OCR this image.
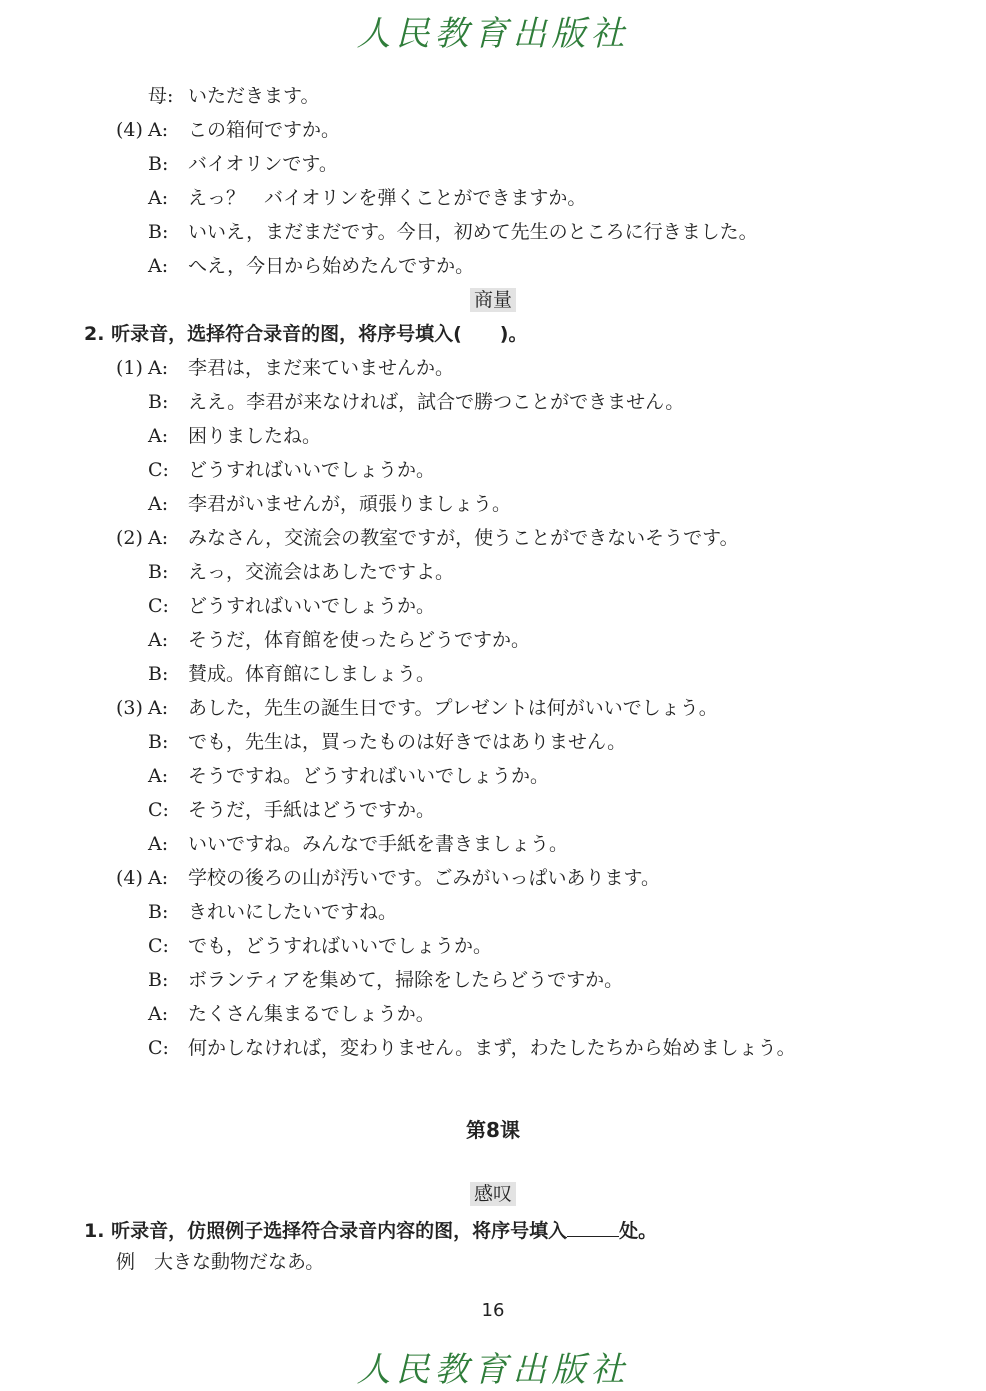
人民教育出版社
母: いただきます。
(4) A: この箱何ですか。
B: バイオリンです。
A: えっ？　バイオリンを弾くことができますか。
B: いいえ，まだまだです。今日，初めて先生のところに行きました。
A: へえ，今日から始めたんですか。
商量
2. 听录音，选择符合录音的图，将序号填入(　　)。
(1) A: 李君は，まだ来ていませんか。
B: ええ。李君が来なければ，試合で勝つことができません。
A: 困りましたね。
C: どうすればいいでしょうか。
A: 李君がいませんが，頑張りましょう。
(2) A: みなさん，交流会の教室ですが，使うことができないそうです。
B: えっ，交流会はあしたですよ。
C: どうすればいいでしょうか。
A: そうだ，体育館を使ったらどうですか。
B: 賛成。体育館にしましょう。
(3) A: あした，先生の誕生日です。プレゼントは何がいいでしょう。
B: でも，先生は，買ったものは好きではありません。
A: そうですね。どうすればいいでしょうか。
C: そうだ，手紙はどうですか。
A: いいですね。みんなで手紙を書きましょう。
(4) A: 学校の後ろの山が汚いです。ごみがいっぱいあります。
B: きれいにしたいですね。
C: でも，どうすればいいでしょうか。
B: ボランティアを集めて，掃除をしたらどうですか。
A: たくさん集まるでしょうか。
C: 何かしなければ，変わりません。まず，わたしたちから始めましょう。
第8课
感叹
1. 听录音，仿照例子选择符合录音内容的图，将序号填入	处。
例　 大きな動物だなあ。
16
人民教育出版社
